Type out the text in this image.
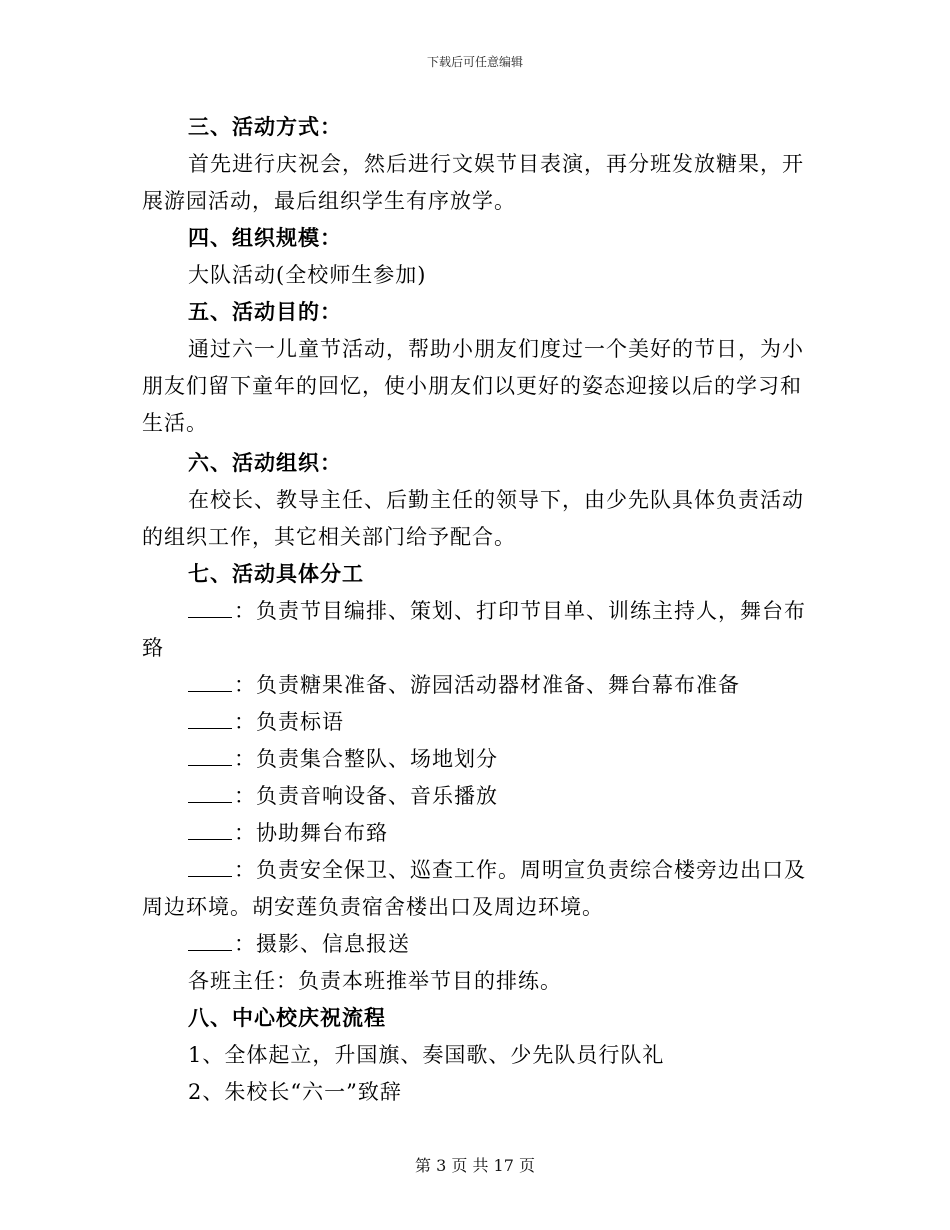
下载后可任意编辑
三、活动方式：
首先进行庆祝会，然后进行文娱节目表演，再分班发放糖果，开
展游园活动，最后组织学生有序放学。
四、组织规模：
大队活动(全校师生参加)
五、活动目的：
通过六一儿童节活动，帮助小朋友们度过一个美好的节日，为小
朋友们留下童年的回忆，使小朋友们以更好的姿态迎接以后的学习和
生活。
六、活动组织：
在校长、教导主任、后勤主任的领导下，由少先队具体负责活动
的组织工作，其它相关部门给予配合。
七、活动具体分工
：负责节目编排、策划、打印节目单、训练主持人，舞台布
臵
：负责糖果准备、游园活动器材准备、舞台幕布准备
：负责标语
：负责集合整队、场地划分
：负责音响设备、音乐播放
：协助舞台布臵
：负责安全保卫、巡查工作。周明宣负责综合楼旁边出口及
周边环境。胡安莲负责宿舍楼出口及周边环境。
：摄影、信息报送
各班主任：负责本班推举节目的排练。
八、中心校庆祝流程
1、全体起立，升国旗、奏国歌、少先队员行队礼
2、朱校长“六一”致辞
第 3 页 共 17 页
